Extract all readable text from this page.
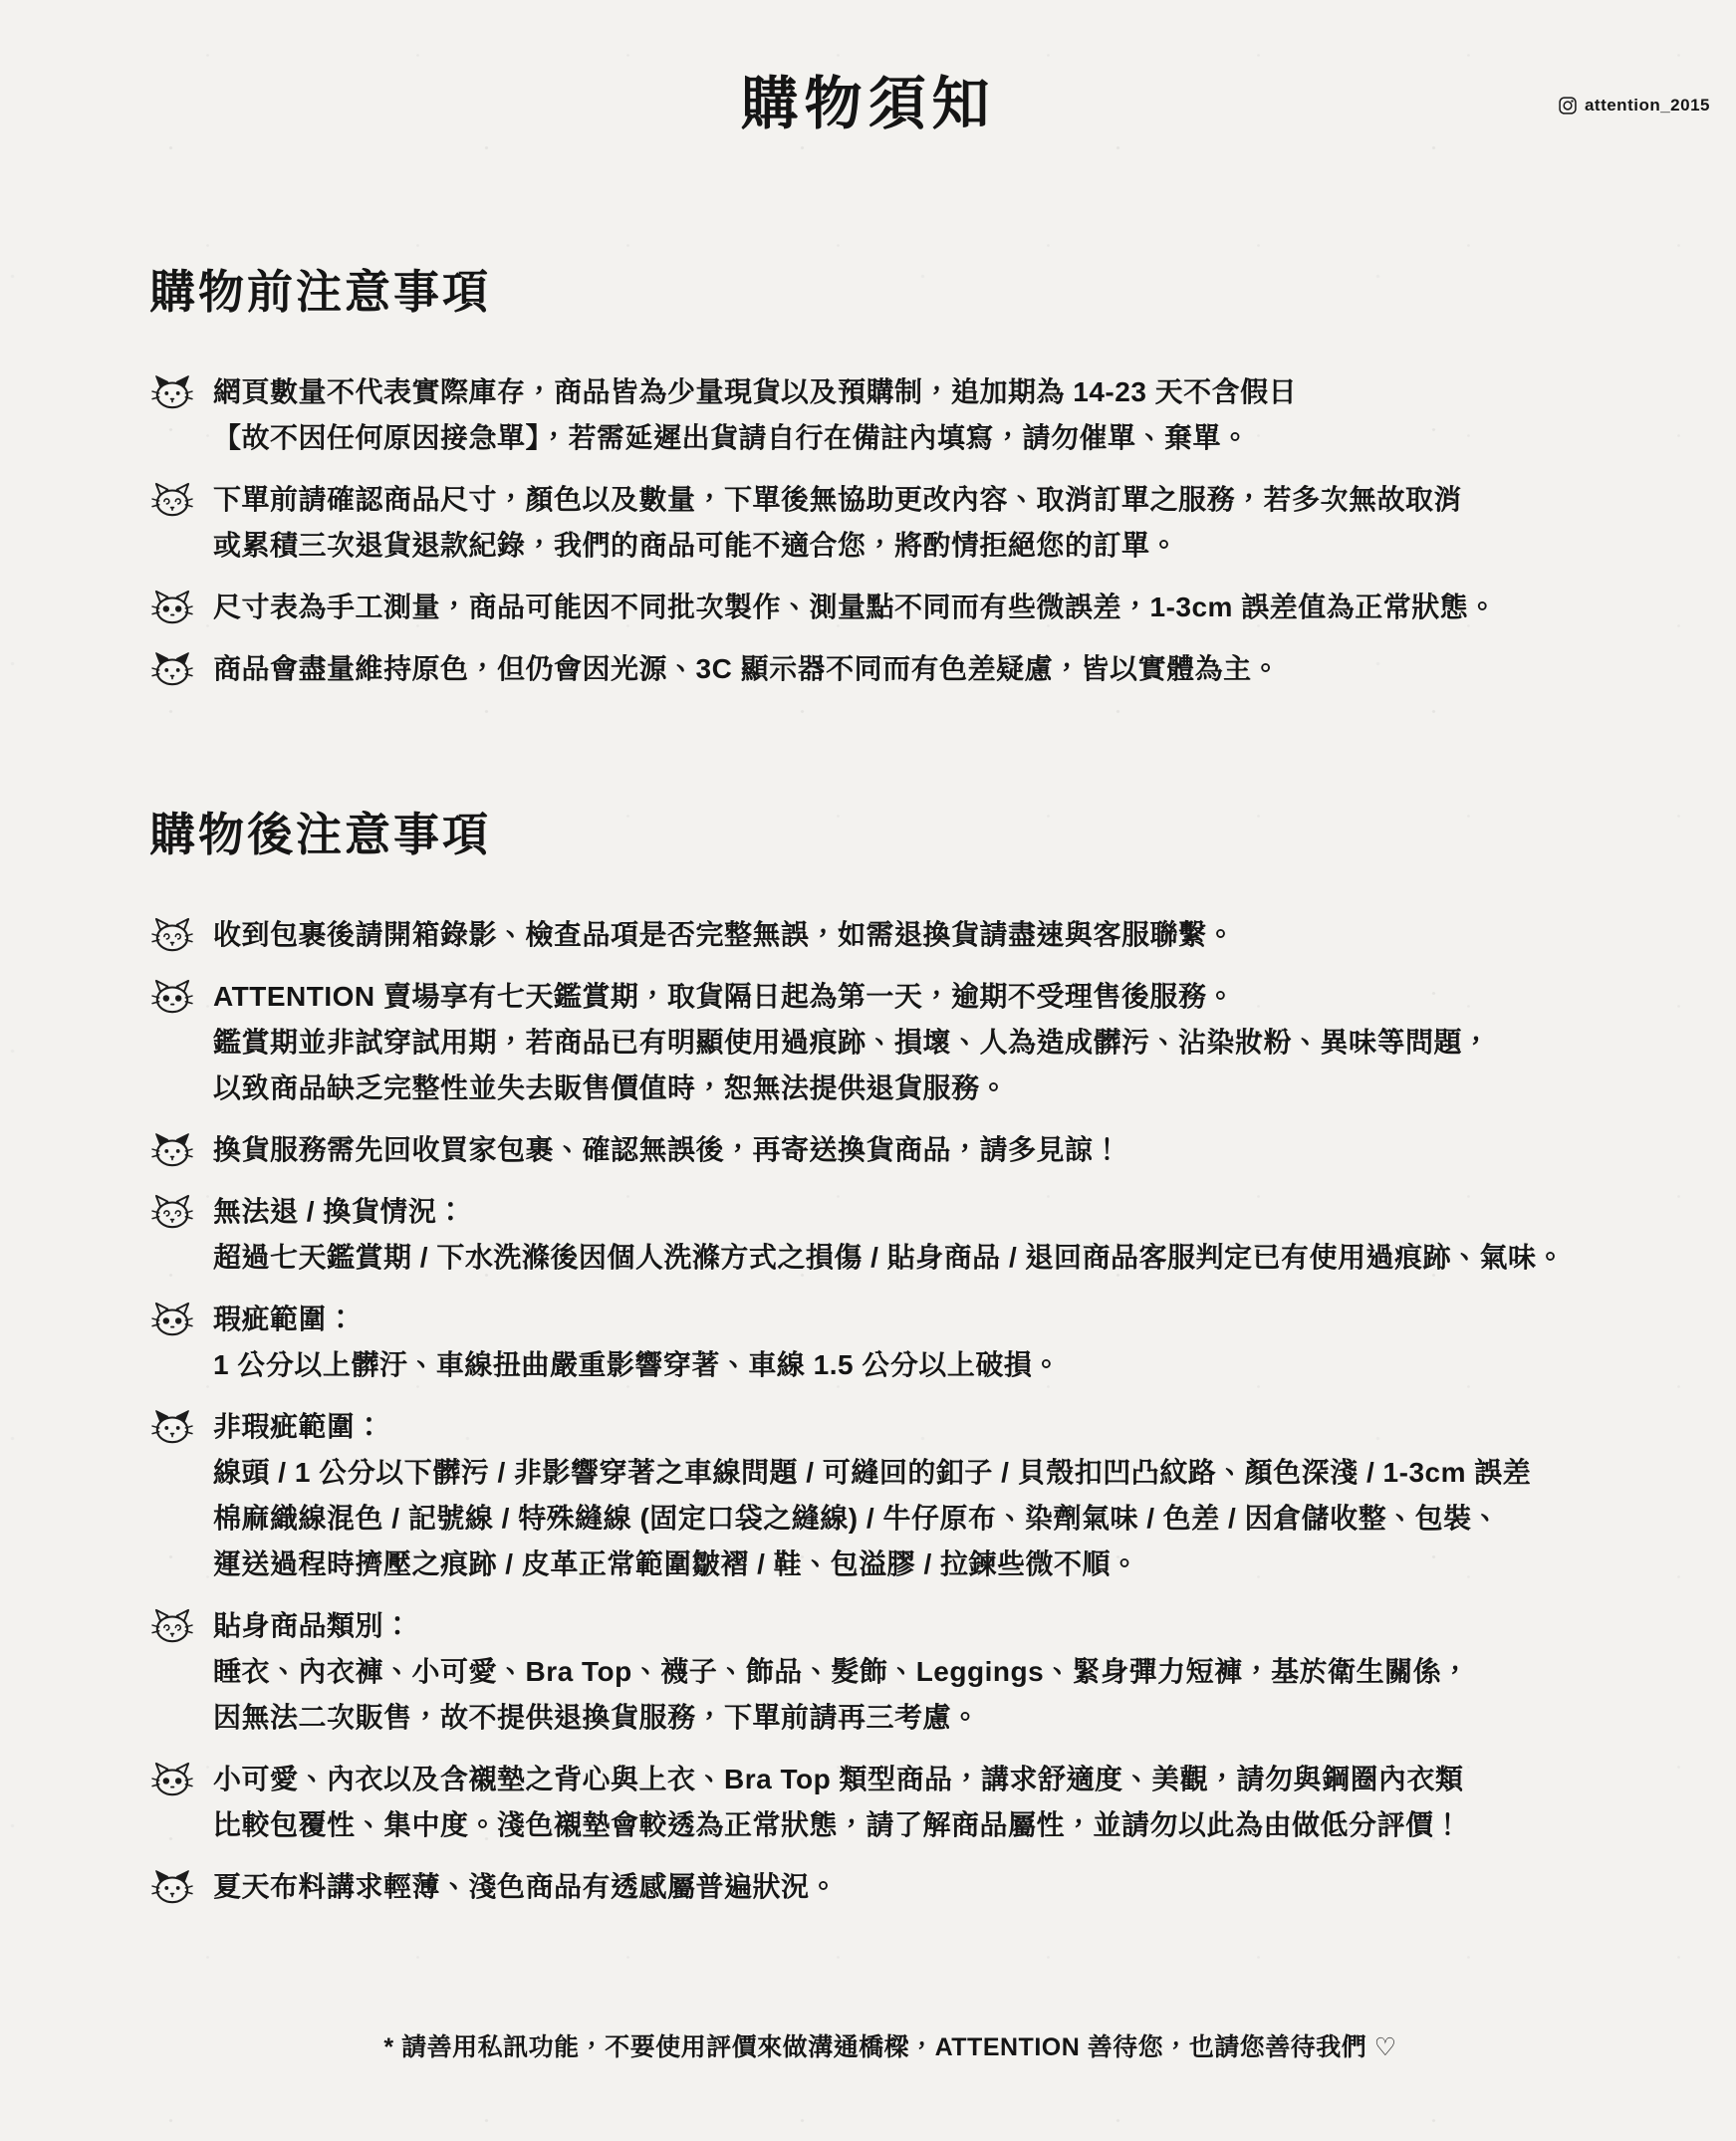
購物須知	attention_2015
購物前注意事項
網頁數量不代表實際庫存，商品皆為少量現貨以及預購制，追加期為 14-23 天不含假日
【故不因任何原因接急單】，若需延遲出貨請自行在備註內填寫，請勿催單、棄單。
下單前請確認商品尺寸，顏色以及數量，下單後無協助更改內容、取消訂單之服務，若多次無故取消
或累積三次退貨退款紀錄，我們的商品可能不適合您，將酌情拒絕您的訂單。
尺寸表為手工測量，商品可能因不同批次製作、測量點不同而有些微誤差，1-3cm 誤差值為正常狀態。
商品會盡量維持原色，但仍會因光源、3C 顯示器不同而有色差疑慮，皆以實體為主。
購物後注意事項
收到包裹後請開箱錄影、檢查品項是否完整無誤，如需退換貨請盡速與客服聯繫。
ATTENTION 賣場享有七天鑑賞期，取貨隔日起為第一天，逾期不受理售後服務。
鑑賞期並非試穿試用期，若商品已有明顯使用過痕跡、損壞、人為造成髒污、沾染妝粉、異味等問題，
以致商品缺乏完整性並失去販售價值時，恕無法提供退貨服務。
換貨服務需先回收買家包裹、確認無誤後，再寄送換貨商品，請多見諒！
無法退 / 換貨情況：
超過七天鑑賞期 / 下水洗滌後因個人洗滌方式之損傷 / 貼身商品 / 退回商品客服判定已有使用過痕跡、氣味。
瑕疵範圍：
1 公分以上髒汙、車線扭曲嚴重影響穿著、車線 1.5 公分以上破損。
非瑕疵範圍：
線頭 / 1 公分以下髒污 / 非影響穿著之車線問題 / 可縫回的釦子 / 貝殼扣凹凸紋路、顏色深淺 / 1-3cm 誤差
棉麻織線混色 / 記號線 / 特殊縫線 (固定口袋之縫線) / 牛仔原布、染劑氣味 / 色差 / 因倉儲收整、包裝、
運送過程時擠壓之痕跡 / 皮革正常範圍皺褶 / 鞋、包溢膠 / 拉鍊些微不順。
貼身商品類別：
睡衣、內衣褲、小可愛、Bra Top、襪子、飾品、髮飾、Leggings、緊身彈力短褲，基於衛生關係，
因無法二次販售，故不提供退換貨服務，下單前請再三考慮。
小可愛、內衣以及含襯墊之背心與上衣、Bra Top 類型商品，講求舒適度、美觀，請勿與鋼圈內衣類
比較包覆性、集中度。淺色襯墊會較透為正常狀態，請了解商品屬性，並請勿以此為由做低分評價！
夏天布料講求輕薄、淺色商品有透感屬普遍狀況。
* 請善用私訊功能，不要使用評價來做溝通橋樑，ATTENTION 善待您，也請您善待我們 ♡
